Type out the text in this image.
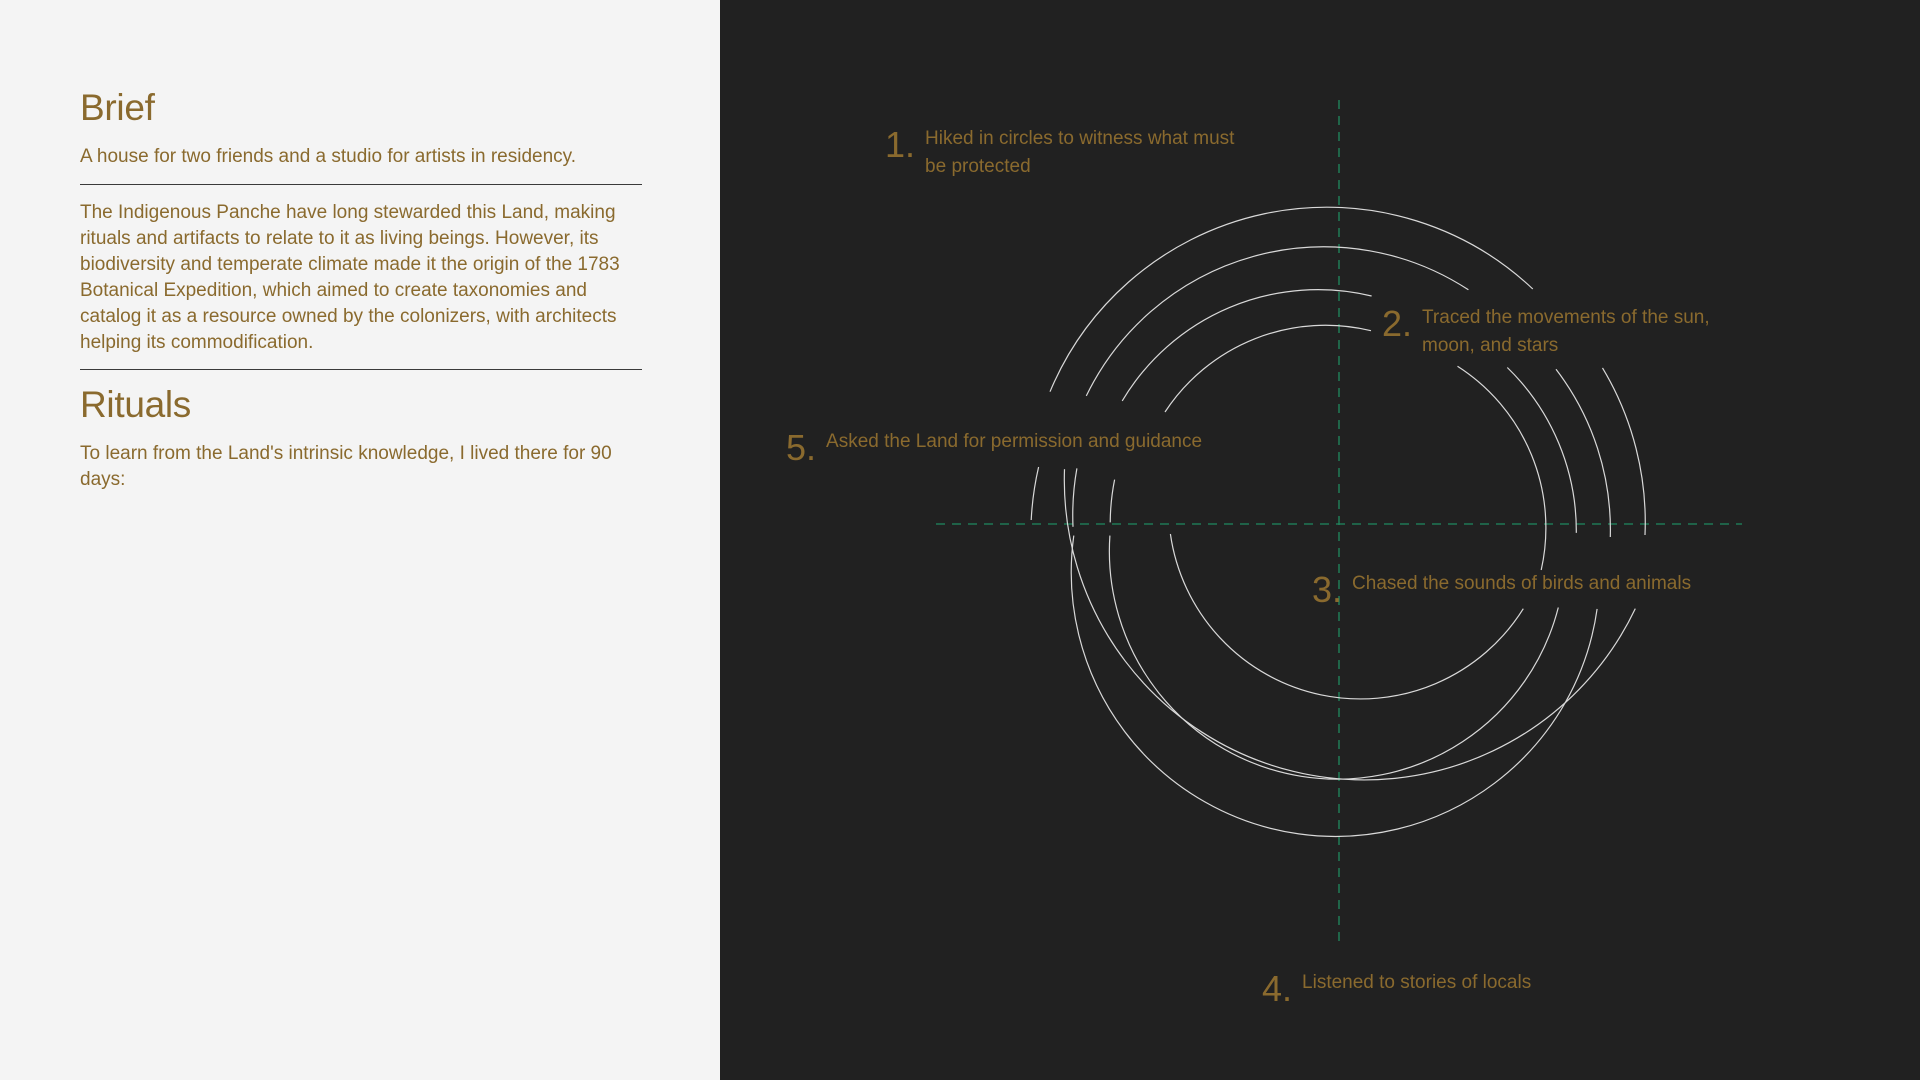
Brief

A house for two friends and a studio for artists in residency.

The Indigenous Panche have long stewarded this Land, making rituals and artifacts to relate to it as living beings. However, its biodiversity and temperate climate made it the origin of the 1783 Botanical Expedition, which aimed to create taxonomies and catalog it as a resource owned by the colonizers, with architects helping its commodification.

Rituals

To learn from the Land's intrinsic knowledge, I lived there for 90 days:

1. Hiked in circles to witness what must be protected
2. Traced the movements of the sun, moon, and stars
3. Chased the sounds of birds and animals
4. Listened to stories of locals
5. Asked the Land for permission and guidance
